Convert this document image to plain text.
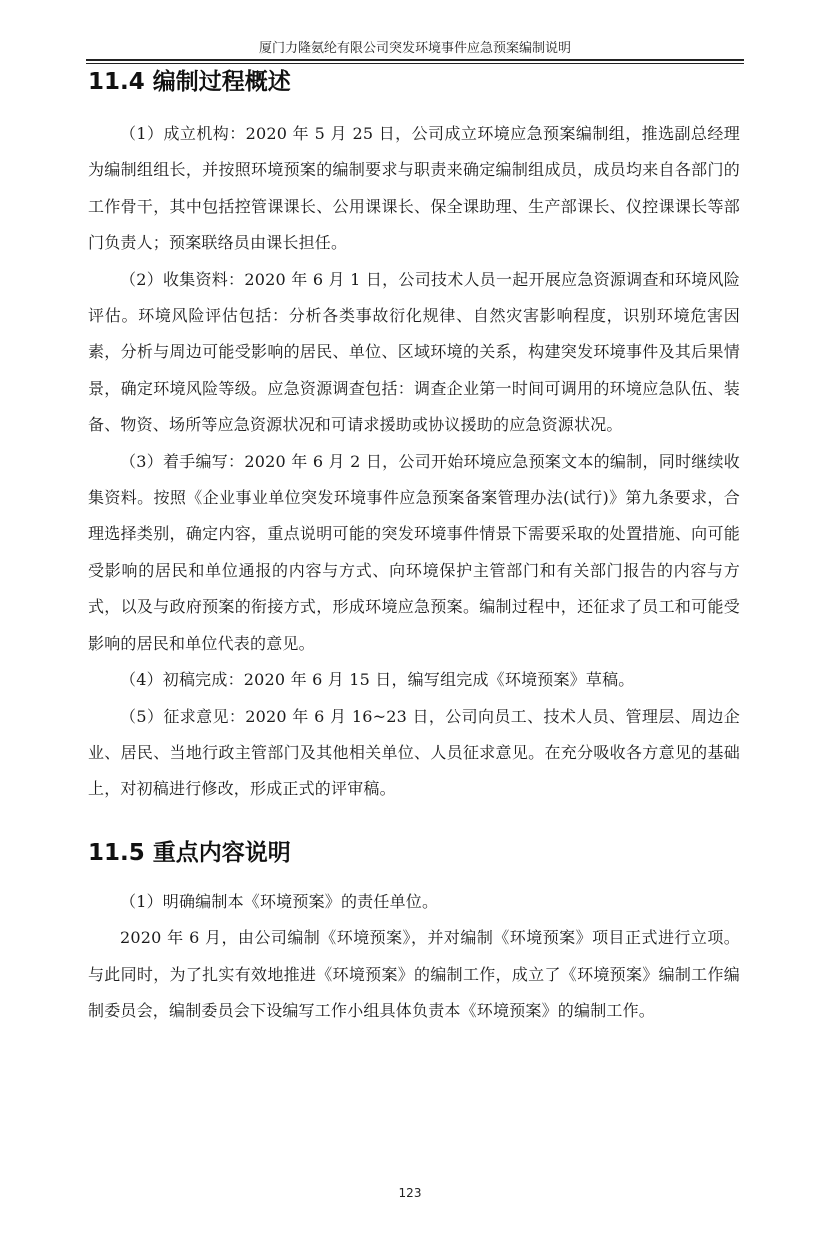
厦门力隆氨纶有限公司突发环境事件应急预案编制说明
11.4 编制过程概述

（1）成立机构：2020 年 5 月 25 日，公司成立环境应急预案编制组，推选副总经理为编制组组长，并按照环境预案的编制要求与职责来确定编制组成员，成员均来自各部门的工作骨干，其中包括控管课课长、公用课课长、保全课助理、生产部课长、仪控课课长等部门负责人；预案联络员由课长担任。

（2）收集资料：2020 年 6 月 1 日，公司技术人员一起开展应急资源调查和环境风险评估。环境风险评估包括：分析各类事故衍化规律、自然灾害影响程度，识别环境危害因素，分析与周边可能受影响的居民、单位、区域环境的关系，构建突发环境事件及其后果情景，确定环境风险等级。应急资源调查包括：调查企业第一时间可调用的环境应急队伍、装备、物资、场所等应急资源状况和可请求援助或协议援助的应急资源状况。

（3）着手编写：2020 年 6 月 2 日，公司开始环境应急预案文本的编制，同时继续收集资料。按照《企业事业单位突发环境事件应急预案备案管理办法(试行)》第九条要求，合理选择类别，确定内容，重点说明可能的突发环境事件情景下需要采取的处置措施、向可能受影响的居民和单位通报的内容与方式、向环境保护主管部门和有关部门报告的内容与方式，以及与政府预案的衔接方式，形成环境应急预案。编制过程中，还征求了员工和可能受影响的居民和单位代表的意见。

（4）初稿完成：2020 年 6 月 15 日，编写组完成《环境预案》草稿。

（5）征求意见：2020 年 6 月 16~23 日，公司向员工、技术人员、管理层、周边企业、居民、当地行政主管部门及其他相关单位、人员征求意见。在充分吸收各方意见的基础上，对初稿进行修改，形成正式的评审稿。

11.5 重点内容说明

（1）明确编制本《环境预案》的责任单位。

2020 年 6 月，由公司编制《环境预案》，并对编制《环境预案》项目正式进行立项。与此同时，为了扎实有效地推进《环境预案》的编制工作，成立了《环境预案》编制工作编制委员会，编制委员会下设编写工作小组具体负责本《环境预案》的编制工作。

123
